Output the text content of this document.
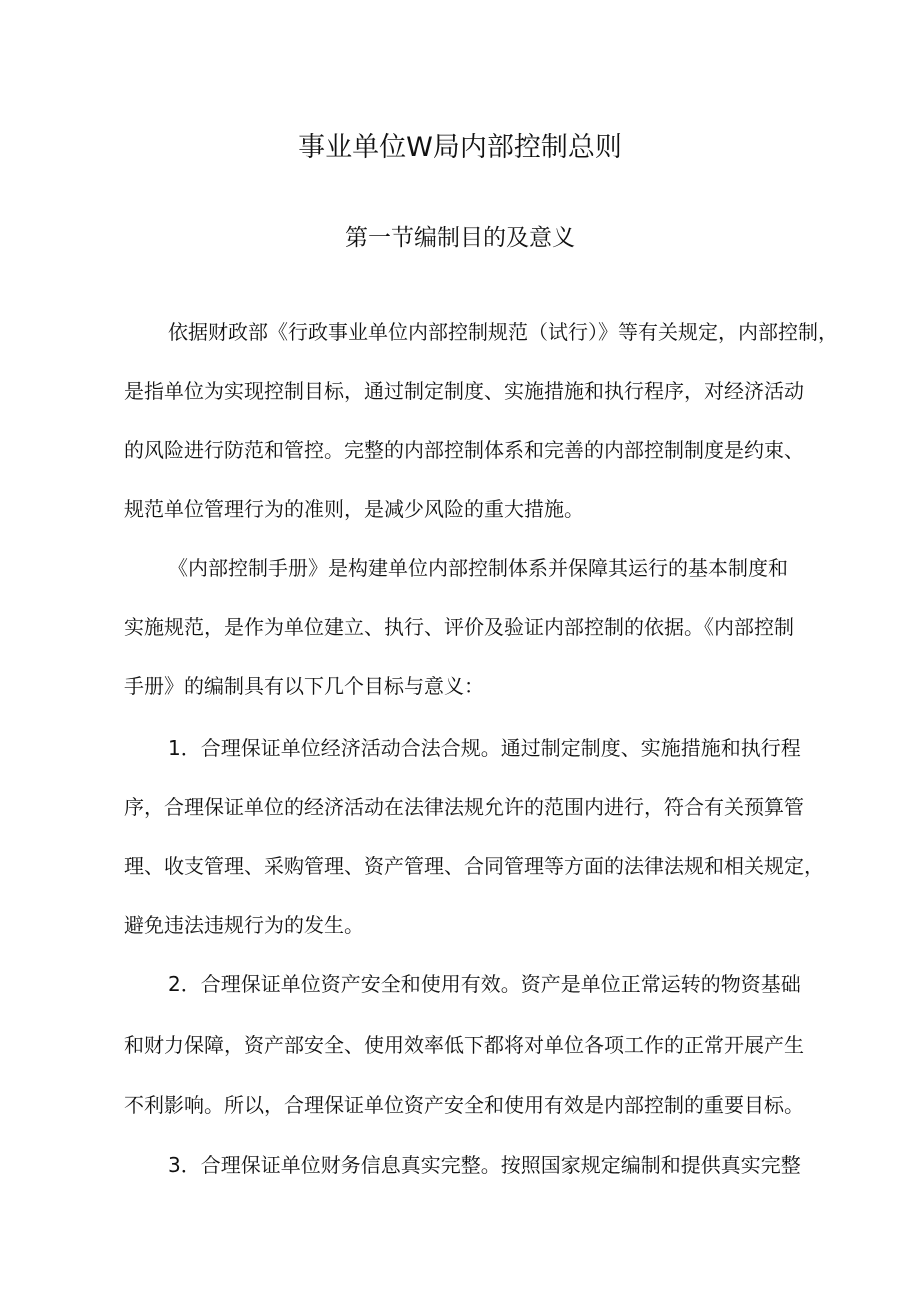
事业单位W局内部控制总则
第一节编制目的及意义
依据财政部《行政事业单位内部控制规范（试行）》等有关规定，内部控制，
是指单位为实现控制目标，通过制定制度、实施措施和执行程序，对经济活动
的风险进行防范和管控。完整的内部控制体系和完善的内部控制制度是约束、
规范单位管理行为的准则，是减少风险的重大措施。
《内部控制手册》是构建单位内部控制体系并保障其运行的基本制度和
实施规范，是作为单位建立、执行、评价及验证内部控制的依据。《内部控制
手册》的编制具有以下几个目标与意义：
1．合理保证单位经济活动合法合规。通过制定制度、实施措施和执行程
序，合理保证单位的经济活动在法律法规允许的范围内进行，符合有关预算管
理、收支管理、采购管理、资产管理、合同管理等方面的法律法规和相关规定，
避免违法违规行为的发生。
2．合理保证单位资产安全和使用有效。资产是单位正常运转的物资基础
和财力保障，资产部安全、使用效率低下都将对单位各项工作的正常开展产生
不利影响。所以，合理保证单位资产安全和使用有效是内部控制的重要目标。
3．合理保证单位财务信息真实完整。按照国家规定编制和提供真实完整
